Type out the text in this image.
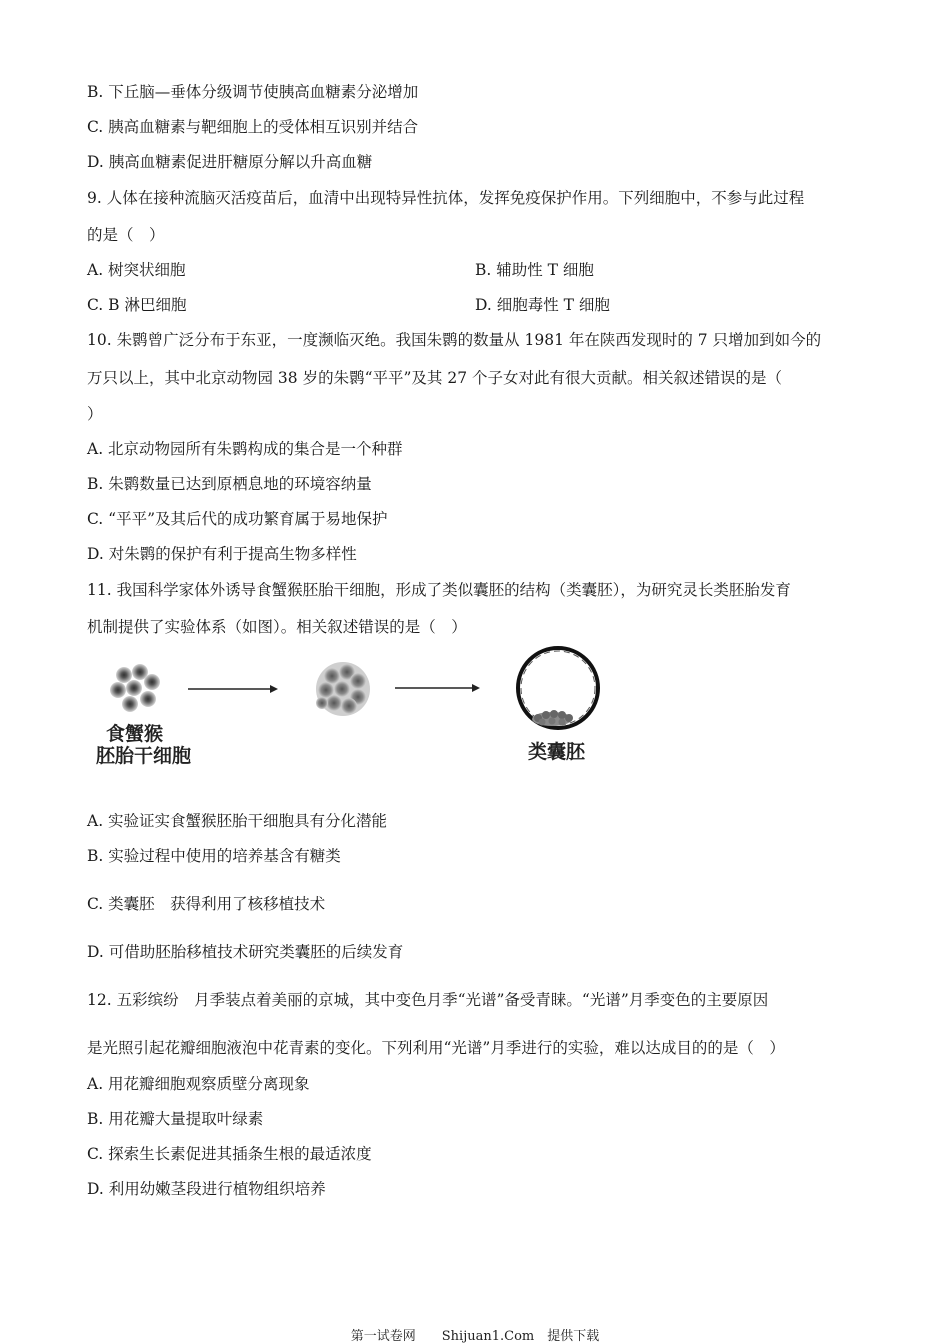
B. 下丘脑—垂体分级调节使胰高血糖素分泌增加
C. 胰高血糖素与靶细胞上的受体相互识别并结合
D. 胰高血糖素促进肝糖原分解以升高血糖
9. 人体在接种流脑灭活疫苗后，血清中出现特异性抗体，发挥免疫保护作用。下列细胞中，不参与此过程
的是（　）
A. 树突状细胞	B. 辅助性 T 细胞
C. B 淋巴细胞	D. 细胞毒性 T 细胞
10. 朱鹮曾广泛分布于东亚，一度濒临灭绝。我国朱鹮的数量从 1981 年在陕西发现时的 7 只增加到如今的
万只以上，其中北京动物园 38 岁的朱鹮“平平”及其 27 个子女对此有很大贡献。相关叙述错误的是（
）
A. 北京动物园所有朱鹮构成的集合是一个种群
B. 朱鹮数量已达到原栖息地的环境容纳量
C. “平平”及其后代的成功繁育属于易地保护
D. 对朱鹮的保护有利于提高生物多样性
11. 我国科学家体外诱导食蟹猴胚胎干细胞，形成了类似囊胚的结构（类囊胚），为研究灵长类胚胎发育
机制提供了实验体系（如图）。相关叙述错误的是（　）
食蟹猴
胚胎干细胞	类囊胚
A. 实验证实食蟹猴胚胎干细胞具有分化潜能
B. 实验过程中使用的培养基含有糖类
C. 类囊胚　获得利用了核移植技术
D. 可借助胚胎移植技术研究类囊胚的后续发育
12. 五彩缤纷　月季装点着美丽的京城，其中变色月季“光谱”备受青睐。“光谱”月季变色的主要原因
是光照引起花瓣细胞液泡中花青素的变化。下列利用“光谱”月季进行的实验，难以达成目的的是（　）
A. 用花瓣细胞观察质壁分离现象
B. 用花瓣大量提取叶绿素
C. 探索生长素促进其插条生根的最适浓度
D. 利用幼嫩茎段进行植物组织培养
第一试卷网　　Shijuan1.Com　提供下载
